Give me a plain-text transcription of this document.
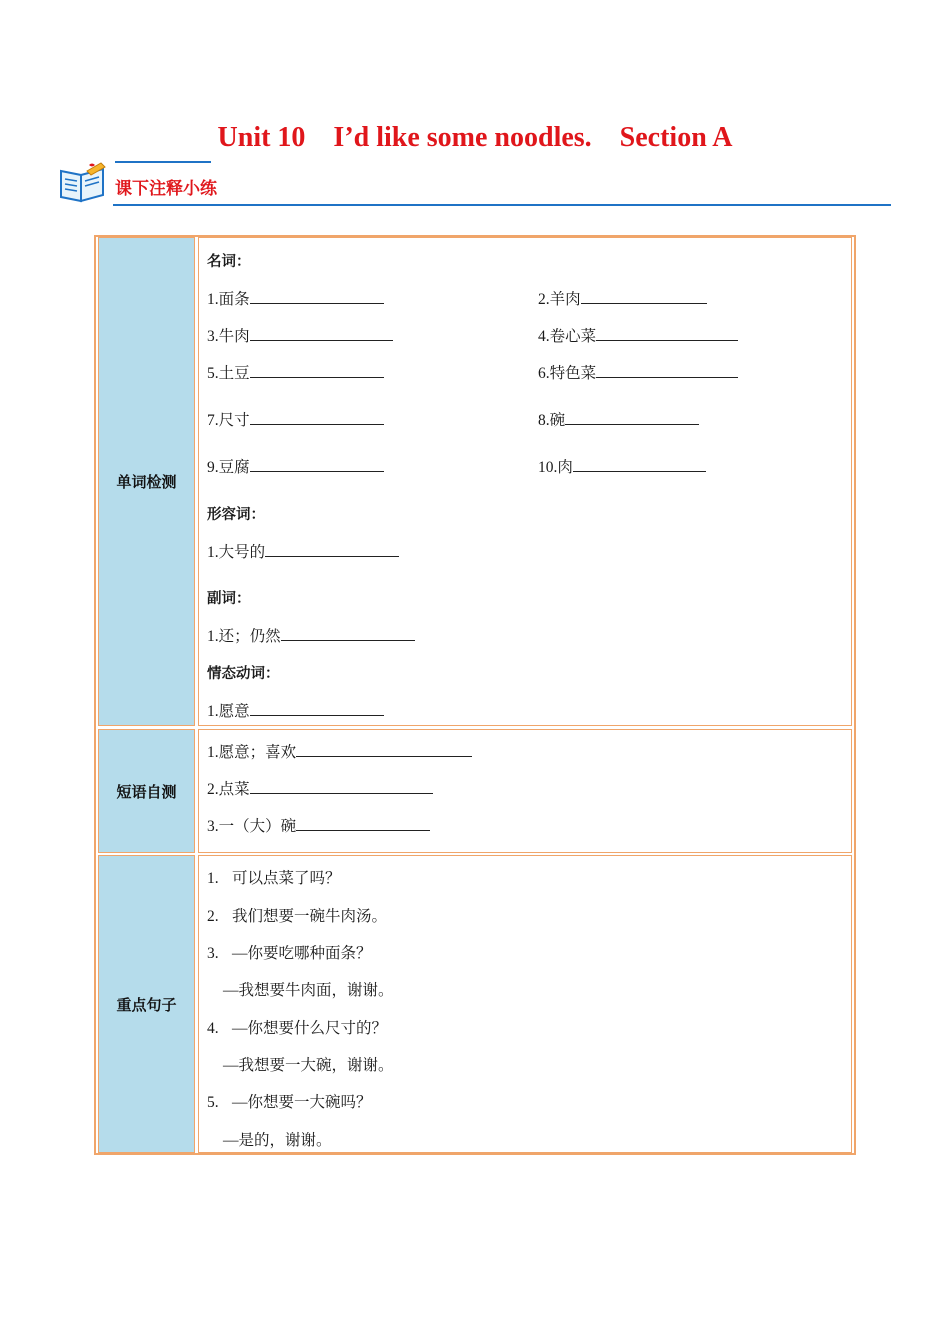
Unit 10    I’d like some noodles.    Section A
课下注释小练
单词检测
名词：
1.面条	2.羊肉
3.牛肉	4.卷心菜
5.土豆	6.特色菜
7.尺寸	8.碗
9.豆腐	10.肉
形容词：
1.大号的
副词：
1.还；仍然
情态动词：
1.愿意
短语自测
1.愿意；喜欢
2.点菜
3.一（大）碗
重点句子
1. 可以点菜了吗？
2. 我们想要一碗牛肉汤。
3. —你要吃哪种面条？
—我想要牛肉面，谢谢。
4. —你想要什么尺寸的？
—我想要一大碗，谢谢。
5. —你想要一大碗吗？
—是的，谢谢。
